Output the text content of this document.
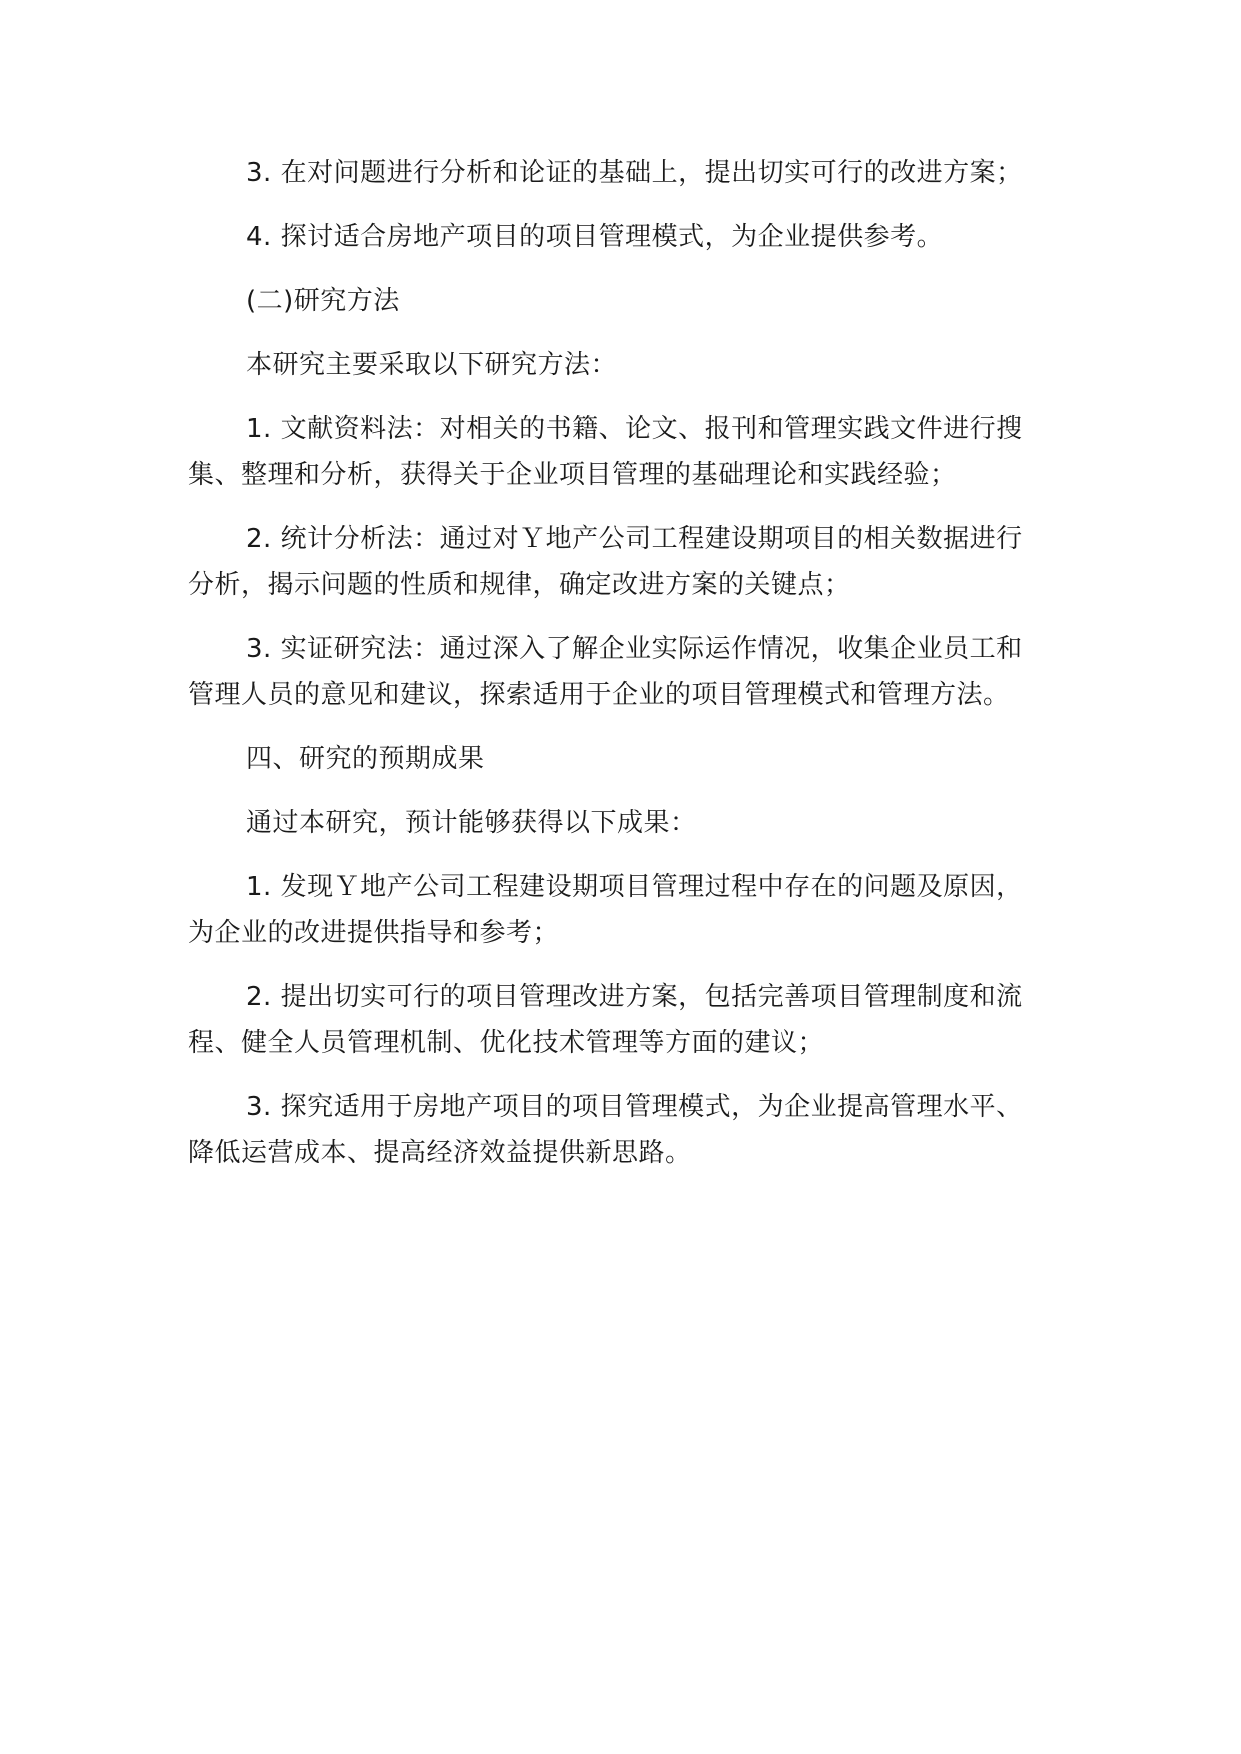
3. 在对问题进行分析和论证的基础上，提出切实可行的改进方案；

4. 探讨适合房地产项目的项目管理模式，为企业提供参考。

(二)研究方法

本研究主要采取以下研究方法：

1. 文献资料法：对相关的书籍、论文、报刊和管理实践文件进行搜集、整理和分析，获得关于企业项目管理的基础理论和实践经验；

2. 统计分析法：通过对Ｙ地产公司工程建设期项目的相关数据进行分析，揭示问题的性质和规律，确定改进方案的关键点；

3. 实证研究法：通过深入了解企业实际运作情况，收集企业员工和管理人员的意见和建议，探索适用于企业的项目管理模式和管理方法。

四、研究的预期成果

通过本研究，预计能够获得以下成果：

1. 发现Ｙ地产公司工程建设期项目管理过程中存在的问题及原因，为企业的改进提供指导和参考；

2. 提出切实可行的项目管理改进方案，包括完善项目管理制度和流程、健全人员管理机制、优化技术管理等方面的建议；

3. 探究适用于房地产项目的项目管理模式，为企业提高管理水平、降低运营成本、提高经济效益提供新思路。
